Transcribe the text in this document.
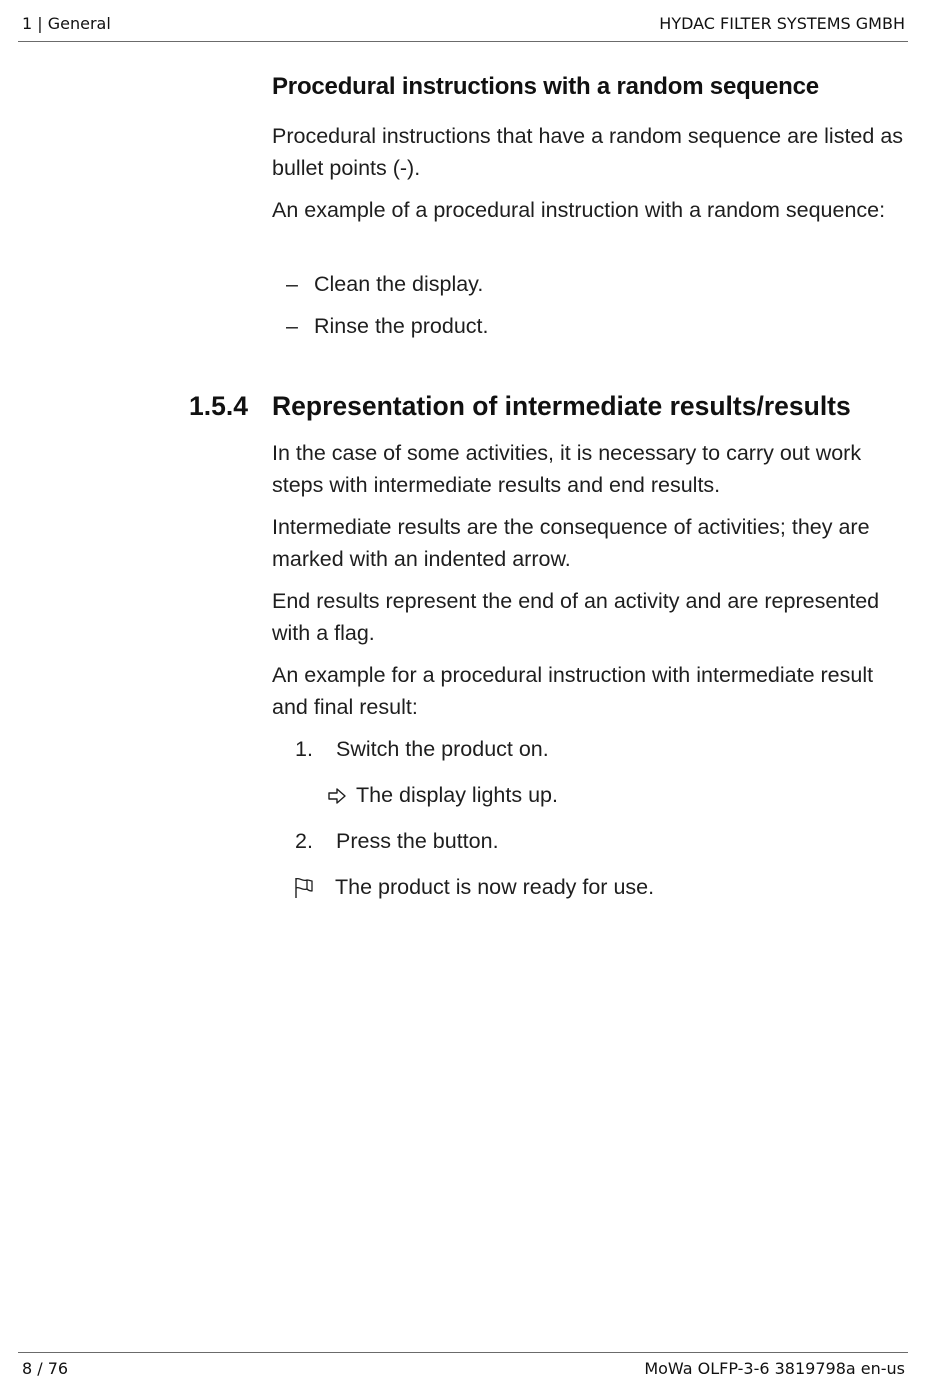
1 | General	HYDAC FILTER SYSTEMS GMBH
Procedural instructions with a random sequence

Procedural instructions that have a random sequence are listed as bullet points (-).

An example of a procedural instruction with a random sequence:

– Clean the display.
– Rinse the product.
1.5.4 Representation of intermediate results/results

In the case of some activities, it is necessary to carry out work steps with intermediate results and end results.

Intermediate results are the consequence of activities; they are marked with an indented arrow.

End results represent the end of an activity and are represented with a flag.

An example for a procedural instruction with intermediate result and final result:

1. Switch the product on.
The display lights up.
2. Press the button.
The product is now ready for use.
8 / 76	MoWa OLFP-3-6 3819798a en-us
